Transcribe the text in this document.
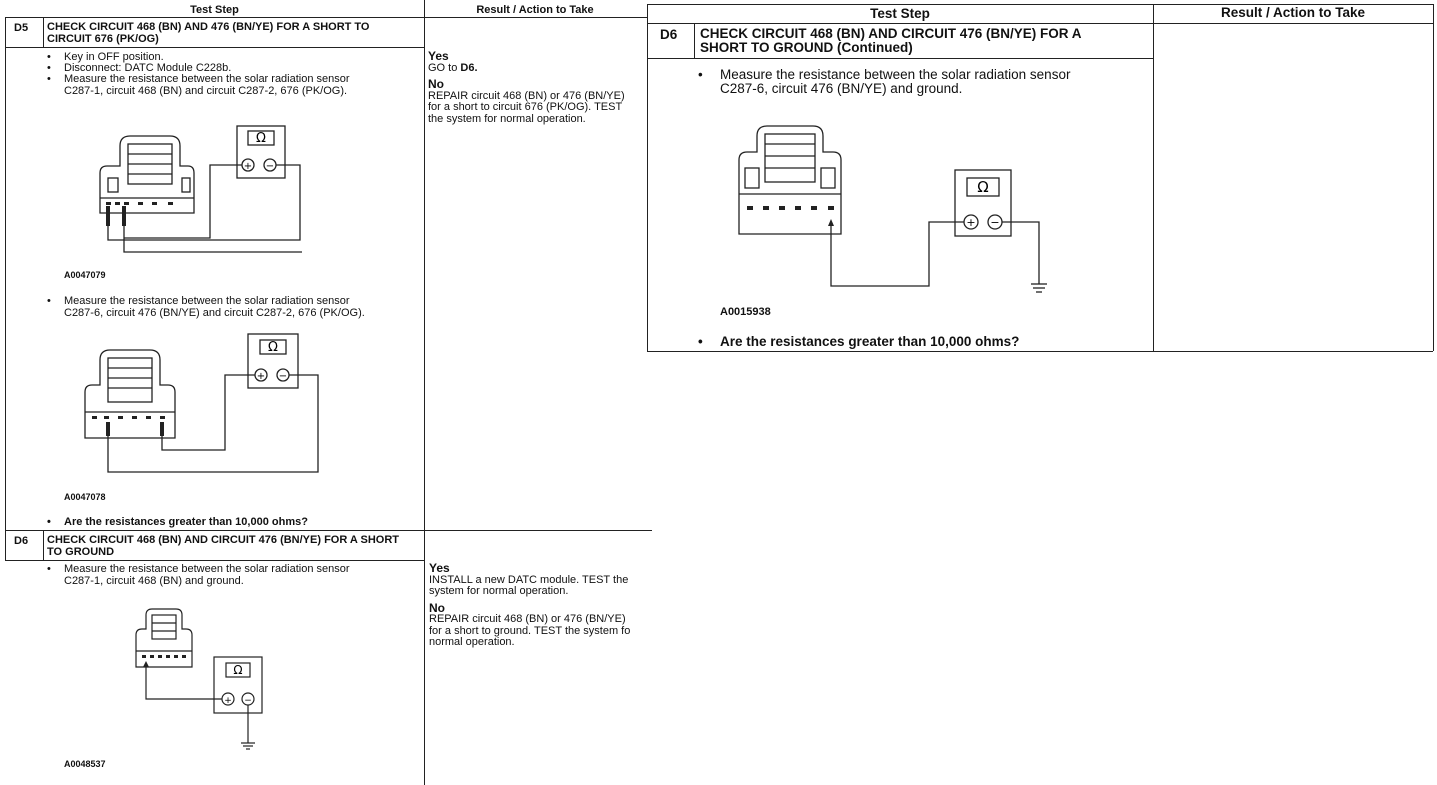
Test Step	Result / Action to Take
D5 CHECK CIRCUIT 468 (BN) AND 476 (BN/YE) FOR A SHORT TO CIRCUIT 676 (PK/OG)
• Key in OFF position.
• Disconnect: DATC Module C228b.
• Measure the resistance between the solar radiation sensor
C287-1, circuit 468 (BN) and circuit C287-2, 676 (PK/OG).
Ω
+ −
A0047079
• Measure the resistance between the solar radiation sensor
C287-6, circuit 476 (BN/YE) and circuit C287-2, 676 (PK/OG).
Ω
+ −
A0047078
• Are the resistances greater than 10,000 ohms?
Yes
GO to D6.
No
REPAIR circuit 468 (BN) or 476 (BN/YE)
for a short to circuit 676 (PK/OG). TEST
the system for normal operation.
D6 CHECK CIRCUIT 468 (BN) AND CIRCUIT 476 (BN/YE) FOR A SHORT TO GROUND
• Measure the resistance between the solar radiation sensor
C287-1, circuit 468 (BN) and ground.
Ω
+ −
A0048537
Yes
INSTALL a new DATC module. TEST the
system for normal operation.
No
REPAIR circuit 468 (BN) or 476 (BN/YE)
for a short to ground. TEST the system fo
normal operation.
Test Step	Result / Action to Take
D6 CHECK CIRCUIT 468 (BN) AND CIRCUIT 476 (BN/YE) FOR A SHORT TO GROUND (Continued)
• Measure the resistance between the solar radiation sensor
C287-6, circuit 476 (BN/YE) and ground.
Ω
+ −
A0015938
• Are the resistances greater than 10,000 ohms?
